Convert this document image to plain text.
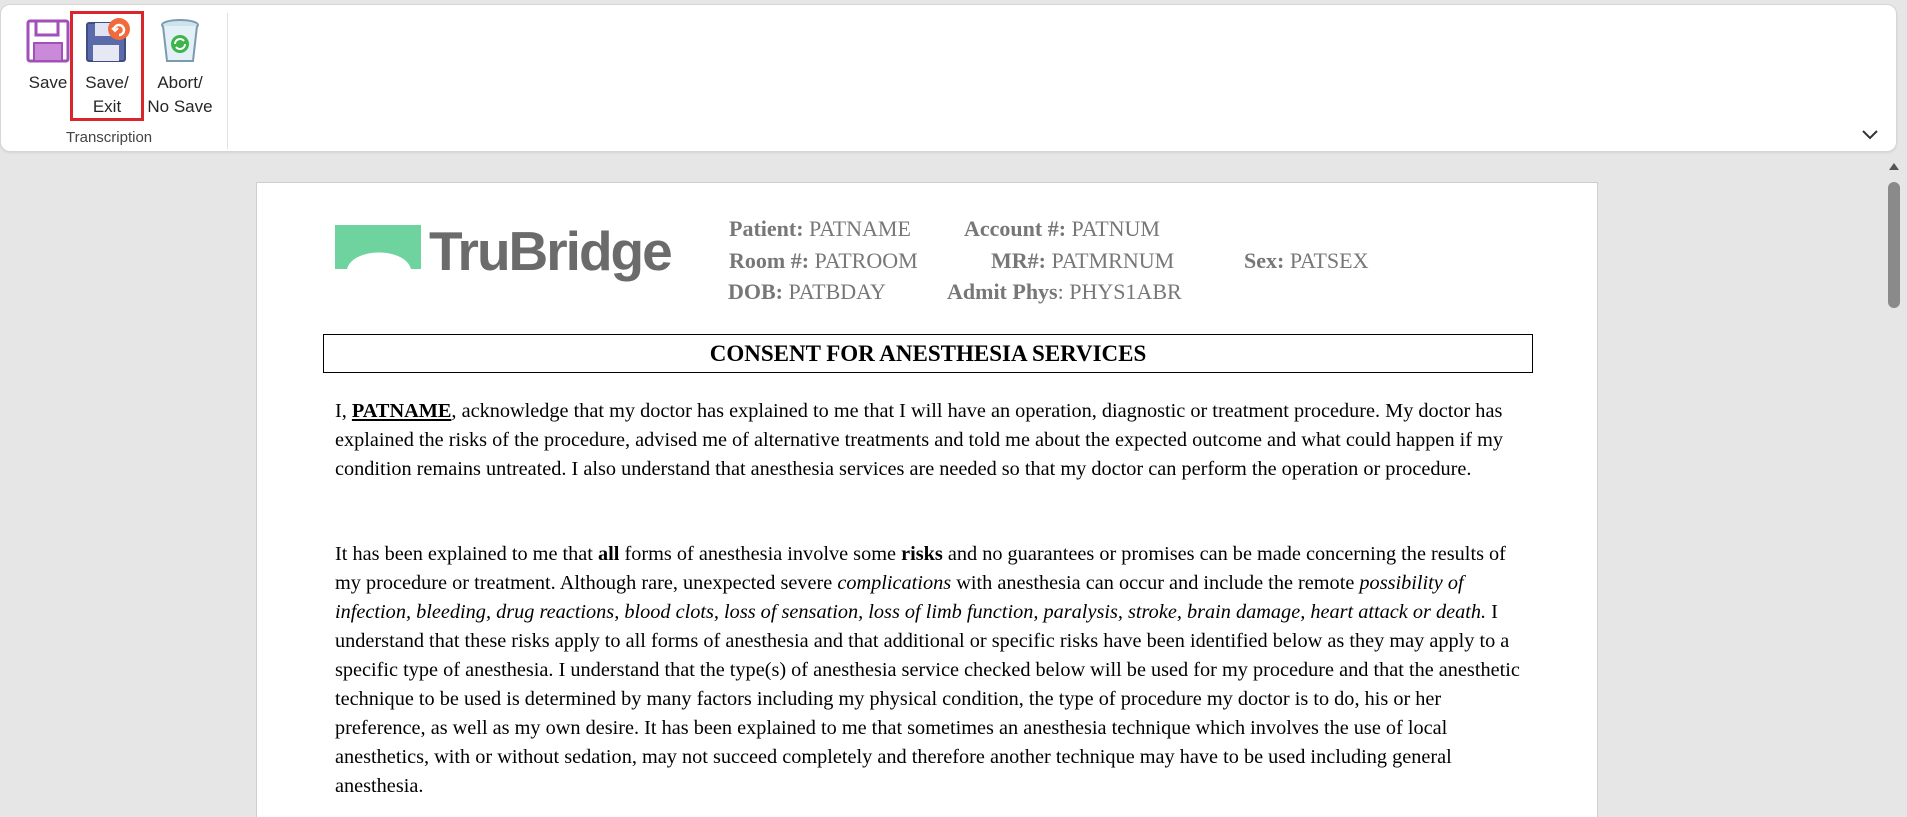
Save	Save/
Exit
Abort/
No Save
Transcription
TruBridge	Patient: PATNAME Account #: PATNUM
Room #: PATROOM	MR#: PATMRNUM	Sex: PATSEX
DOB: PATBDAY	Admit Phys: PHYS1ABR
CONSENT FOR ANESTHESIA SERVICES
I, PATNAME, acknowledge that my doctor has explained to me that I will have an operation, diagnostic or treatment procedure. My doctor has explained the risks of the procedure, advised me of alternative treatments and told me about the expected outcome and what could happen if my condition remains untreated. I also understand that anesthesia services are needed so that my doctor can perform the operation or procedure.
It has been explained to me that all forms of anesthesia involve some risks and no guarantees or promises can be made concerning the results of my procedure or treatment. Although rare, unexpected severe complications with anesthesia can occur and include the remote possibility of infection, bleeding, drug reactions, blood clots, loss of sensation, loss of limb function, paralysis, stroke, brain damage, heart attack or death. I understand that these risks apply to all forms of anesthesia and that additional or specific risks have been identified below as they may apply to a specific type of anesthesia. I understand that the type(s) of anesthesia service checked below will be used for my procedure and that the anesthetic technique to be used is determined by many factors including my physical condition, the type of procedure my doctor is to do, his or her preference, as well as my own desire. It has been explained to me that sometimes an anesthesia technique which involves the use of local anesthetics, with or without sedation, may not succeed completely and therefore another technique may have to be used including general anesthesia.
